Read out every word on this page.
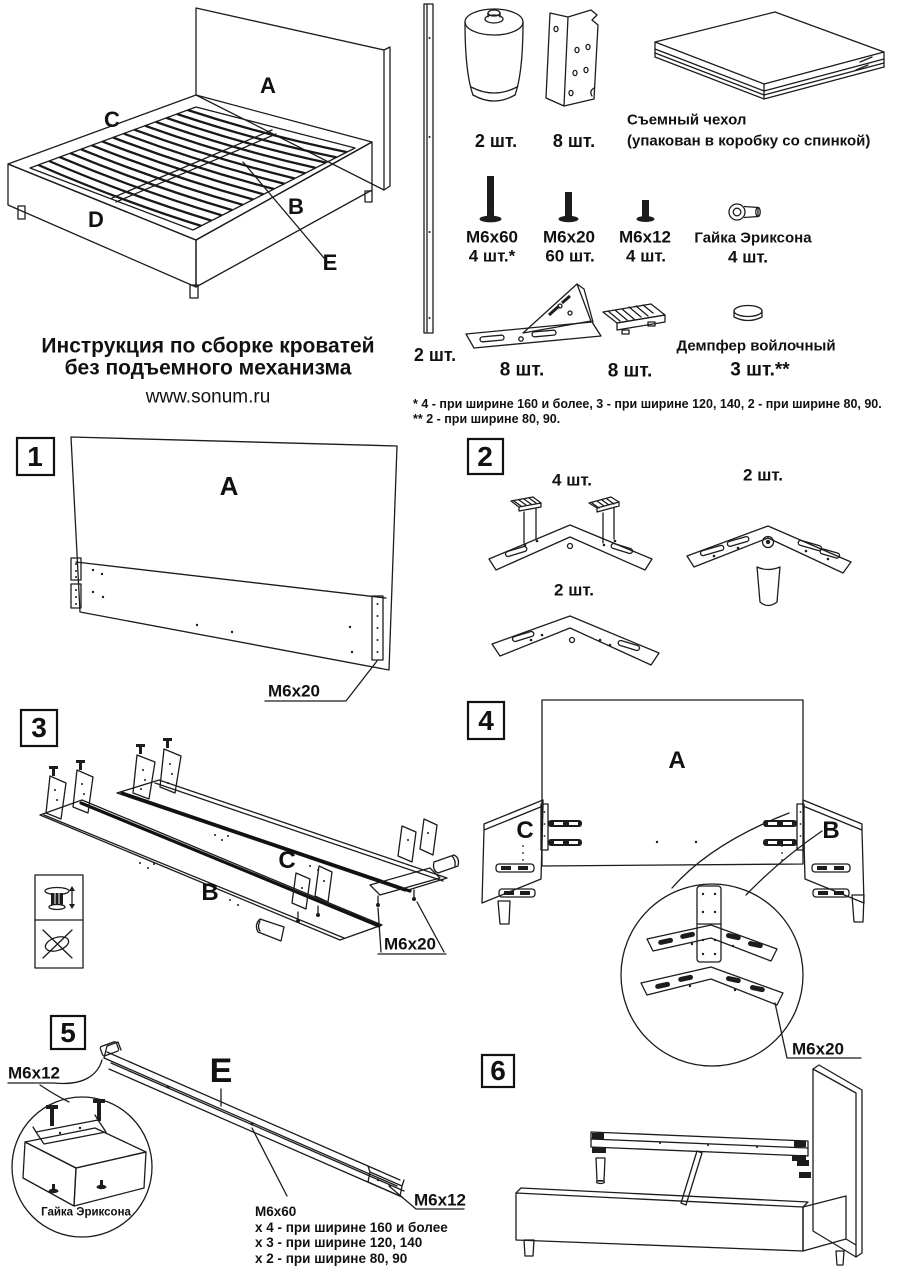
Инструкция по сборке кроватей
без подъемного механизма
www.sonum.ru
A
C
B
D
E
2 шт.
2 шт. 8 шт.
Съемный чехол
(упакован в коробку со спинкой)
М6х60
4 шт.*
М6х20
60 шт.
М6х12
4 шт.
Гайка Эриксона
4 шт.
8 шт.	8 шт.
Демпфер войлочный
3 шт.**
* 4 - при ширине 160 и более, 3 - при ширине 120, 140, 2 - при ширине 80, 90.
** 2 - при ширине 80, 90.
1
A
М6х20
2
4 шт.	2 шт.
2 шт.
3
B
C
М6х20
4
A
C	B
М6х20
5
E
М6х12
Гайка Эриксона	М6х60
х 4 - при ширине 160 и более
х 3 - при ширине 120, 140
х 2 - при ширине 80, 90
М6х12
6
